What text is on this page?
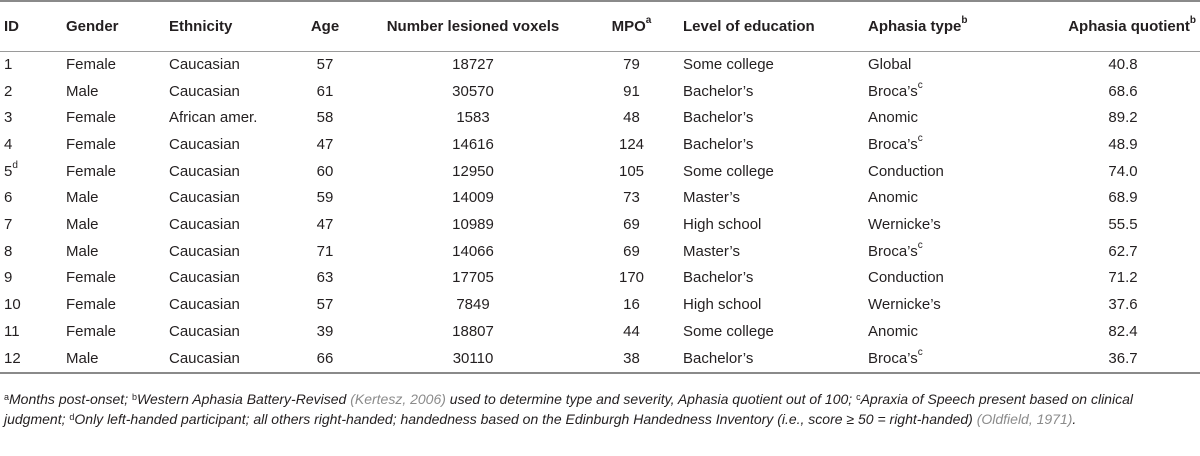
ID	Gender	Ethnicity	Age	Number lesioned voxels	MPO$^a$	Level of education	Aphasia type$^b$	Aphasia quotient$^b$
1	Female	Caucasian	57	18727	79	Some college	Global	40.8
2	Male	Caucasian	61	30570	91	Bachelor’s	$Broca’s^c$	68.6
3	Female	African amer.	58	1583	48	Bachelor’s	Anomic	89.2
4	Female	Caucasian	47	14616	124	Bachelor’s	$Broca’s^c$	48.9
5$^d$	Female	Caucasian	60	12950	105	Some college	Conduction	74.0
6	Male	Caucasian	59	14009	73	Master’s	Anomic	68.9
7	Male	Caucasian	47	10989	69	High school	Wernicke’s	55.5
8	Male	Caucasian	71	14066	69	Master’s	$Broca’s^c$	62.7
9	Female	Caucasian	63	17705	170	Bachelor’s	Conduction	71.2
10	Female	Caucasian	57	7849	16	High school	Wernicke’s	37.6
11	Female	Caucasian	39	18807	44	Some college	Anomic	82.4
12	Male	Caucasian	66	30110	38	Bachelor’s	$Broca’s^c$	36.7
$^a$Months post-onset; $^b$Western Aphasia Battery-Revised (Kertesz, 2006) used to determine type and severity, Aphasia quotient out of 100; $^c$Apraxia of Speech present based on clinical judgment; $^d$Only left-handed participant; all others right-handed; handedness based on the Edinburgh Handedness Inventory (i.e., score ≥ 50 = right-handed) (Oldfield, 1971).
